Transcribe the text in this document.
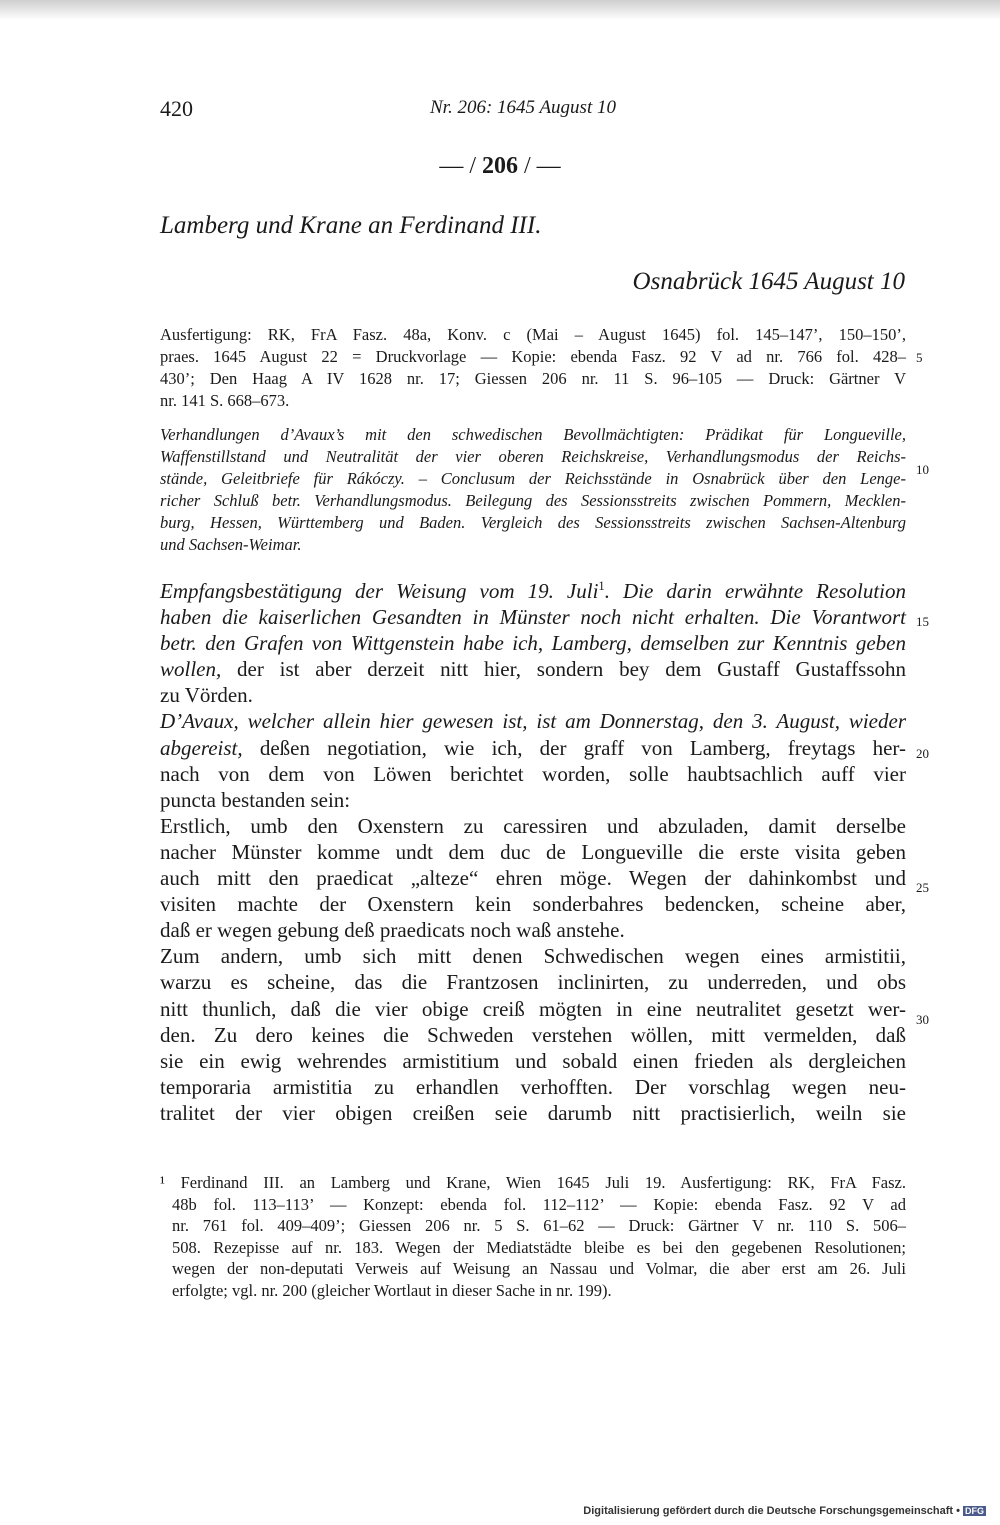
420	Nr. 206: 1645 August 10
— / 206 / —
Lamberg und Krane an Ferdinand III.
Osnabrück 1645 August 10
Ausfertigung: RK, FrA Fasz. 48a, Konv. c (Mai – August 1645) fol. 145–147’, 150–150’,
praes. 1645 August 22 = Druckvorlage — Kopie: ebenda Fasz. 92 V ad nr. 766 fol. 428–
430’; Den Haag A IV 1628 nr. 17; Giessen 206 nr. 11 S. 96–105 — Druck: Gärtner V
nr. 141 S. 668–673.
Verhandlungen d’Avaux’s mit den schwedischen Bevollmächtigten: Prädikat für Longueville,
Waffenstillstand und Neutralität der vier oberen Reichskreise, Verhandlungsmodus der Reichs-
stände, Geleitbriefe für Rákóczy. – Conclusum der Reichsstände in Osnabrück über den Lenge-
richer Schluß betr. Verhandlungsmodus. Beilegung des Sessionsstreits zwischen Pommern, Mecklen-
burg, Hessen, Württemberg und Baden. Vergleich des Sessionsstreits zwischen Sachsen-Altenburg
und Sachsen-Weimar.
Empfangsbestätigung der Weisung vom 19. Juli$^1$. Die darin erwähnte Resolution
haben die kaiserlichen Gesandten in Münster noch nicht erhalten. Die Vorantwort
betr. den Grafen von Wittgenstein habe ich, Lamberg, demselben zur Kenntnis geben
wollen, der ist aber derzeit nitt hier, sondern bey dem Gustaff Gustaffssohn
zu Vörden.
D’Avaux, welcher allein hier gewesen ist, ist am Donnerstag, den 3. August, wieder
abgereist, deßen negotiation, wie ich, der graff von Lamberg, freytags her-
nach von dem von Löwen berichtet worden, solle haubtsachlich auff vier
puncta bestanden sein:
Erstlich, umb den Oxenstern zu caressiren und abzuladen, damit derselbe
nacher Münster komme undt dem duc de Longueville die erste visita geben
auch mitt den praedicat „alteze“ ehren möge. Wegen der dahinkombst und
visiten machte der Oxenstern kein sonderbahres bedencken, scheine aber,
daß er wegen gebung deß praedicats noch waß anstehe.
Zum andern, umb sich mitt denen Schwedischen wegen eines armistitii,
warzu es scheine, das die Frantzosen inclinirten, zu underreden, und obs
nitt thunlich, daß die vier obige creiß mögten in eine neutralitet gesetzt wer-
den. Zu dero keines die Schweden verstehen wöllen, mitt vermelden, daß
sie ein ewig wehrendes armistitium und sobald einen frieden als dergleichen
temporaria armistitia zu erhandlen verhofften. Der vorschlag wegen neu-
tralitet der vier obigen creißen seie darumb nitt practisierlich, weiln sie
5
10
15
20
25
30
¹ Ferdinand III. an Lamberg und Krane, Wien 1645 Juli 19. Ausfertigung: RK, FrA Fasz.
48b fol. 113–113’ — Konzept: ebenda fol. 112–112’ — Kopie: ebenda Fasz. 92 V ad
nr. 761 fol. 409–409’; Giessen 206 nr. 5 S. 61–62 — Druck: Gärtner V nr. 110 S. 506–
508. Rezepisse auf nr. 183. Wegen der Mediatstädte bleibe es bei den gegebenen Resolutionen;
wegen der non-deputati Verweis auf Weisung an Nassau und Volmar, die aber erst am 26. Juli
erfolgte; vgl. nr. 200 (gleicher Wortlaut in dieser Sache in nr. 199).
Digitalisierung gefördert durch die Deutsche Forschungsgemeinschaft • DFG
